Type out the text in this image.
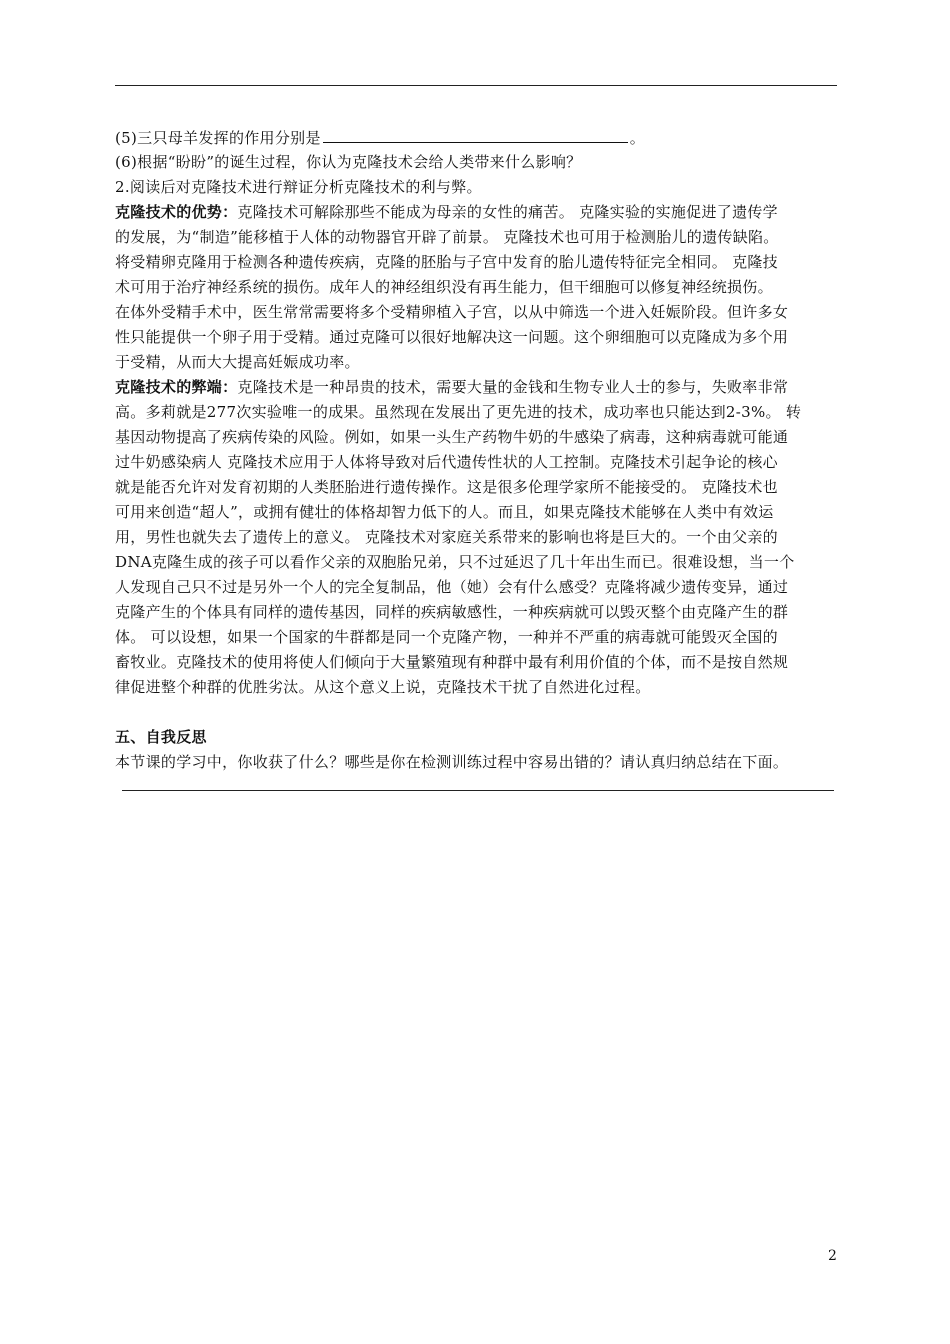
(5)三只母羊发挥的作用分别是	。
(6)根据“盼盼”的诞生过程，你认为克隆技术会给人类带来什么影响？
2.阅读后对克隆技术进行辩证分析克隆技术的利与弊。
克隆技术的优势：克隆技术可解除那些不能成为母亲的女性的痛苦。 克隆实验的实施促进了遗传学
的发展，为“制造”能移植于人体的动物器官开辟了前景。 克隆技术也可用于检测胎儿的遗传缺陷。
将受精卵克隆用于检测各种遗传疾病，克隆的胚胎与子宫中发育的胎儿遗传特征完全相同。 克隆技
术可用于治疗神经系统的损伤。成年人的神经组织没有再生能力，但干细胞可以修复神经统损伤。
在体外受精手术中，医生常常需要将多个受精卵植入子宫，以从中筛选一个进入妊娠阶段。但许多女
性只能提供一个卵子用于受精。通过克隆可以很好地解决这一问题。这个卵细胞可以克隆成为多个用
于受精，从而大大提高妊娠成功率。
克隆技术的弊端：克隆技术是一种昂贵的技术，需要大量的金钱和生物专业人士的参与，失败率非常
高。多莉就是277次实验唯一的成果。虽然现在发展出了更先进的技术，成功率也只能达到2-3%。 转
基因动物提高了疾病传染的风险。例如，如果一头生产药物牛奶的牛感染了病毒，这种病毒就可能通
过牛奶感染病人 克隆技术应用于人体将导致对后代遗传性状的人工控制。克隆技术引起争论的核心
就是能否允许对发育初期的人类胚胎进行遗传操作。这是很多伦理学家所不能接受的。 克隆技术也
可用来创造“超人”，或拥有健壮的体格却智力低下的人。而且，如果克隆技术能够在人类中有效运
用，男性也就失去了遗传上的意义。 克隆技术对家庭关系带来的影响也将是巨大的。一个由父亲的
DNA克隆生成的孩子可以看作父亲的双胞胎兄弟，只不过延迟了几十年出生而已。很难设想，当一个
人发现自己只不过是另外一个人的完全复制品，他（她）会有什么感受？克隆将减少遗传变异，通过
克隆产生的个体具有同样的遗传基因，同样的疾病敏感性，一种疾病就可以毁灭整个由克隆产生的群
体。 可以设想，如果一个国家的牛群都是同一个克隆产物，一种并不严重的病毒就可能毁灭全国的
畜牧业。克隆技术的使用将使人们倾向于大量繁殖现有种群中最有利用价值的个体，而不是按自然规
律促进整个种群的优胜劣汰。从这个意义上说，克隆技术干扰了自然进化过程。
五、自我反思
本节课的学习中，你收获了什么？哪些是你在检测训练过程中容易出错的？请认真归纳总结在下面。
2
